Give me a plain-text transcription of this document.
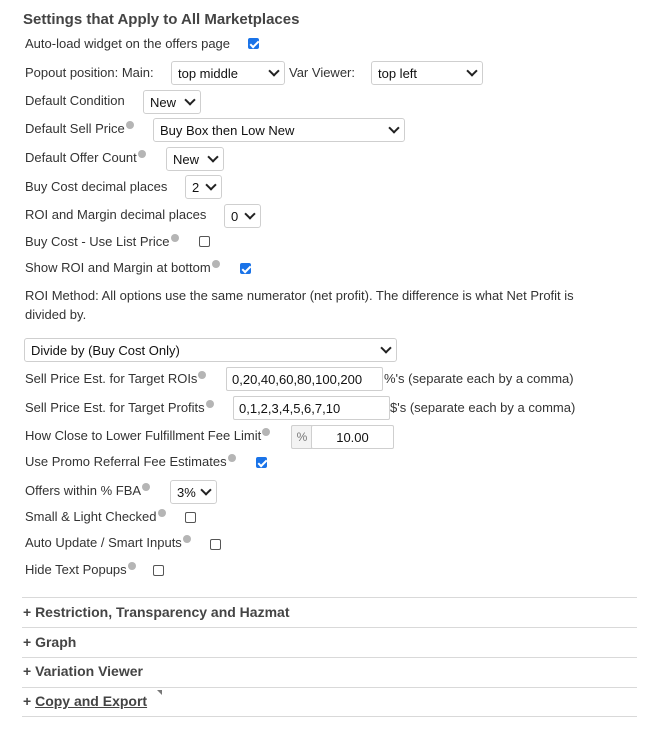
Settings that Apply to All Marketplaces
Auto-load widget on the offers page
Popout position: Main: top middle	Var Viewer: top left
Default Condition New
Default Sell Price	Buy Box then Low New
Default Offer Count	New
Buy Cost decimal places 2
ROI and Margin decimal places 0
Buy Cost - Use List Price
Show ROI and Margin at bottom
ROI Method: All options use the same numerator (net profit). The difference is what Net Profit is
divided by.
Divide by (Buy Cost Only)
Sell Price Est. for Target ROIs	0,20,40,60,80,100,200 %'s (separate each by a comma)
Sell Price Est. for Target Profits	0,1,2,3,4,5,6,7,10	$'s (separate each by a comma)
How Close to Lower Fulfillment Fee Limit	%	10.00
Use Promo Referral Fee Estimates
Offers within % FBA	3%
Small & Light Checked
Auto Update / Smart Inputs
Hide Text Popups
+ Restriction, Transparency and Hazmat
+ Graph
+ Variation Viewer
+ Copy and Export
